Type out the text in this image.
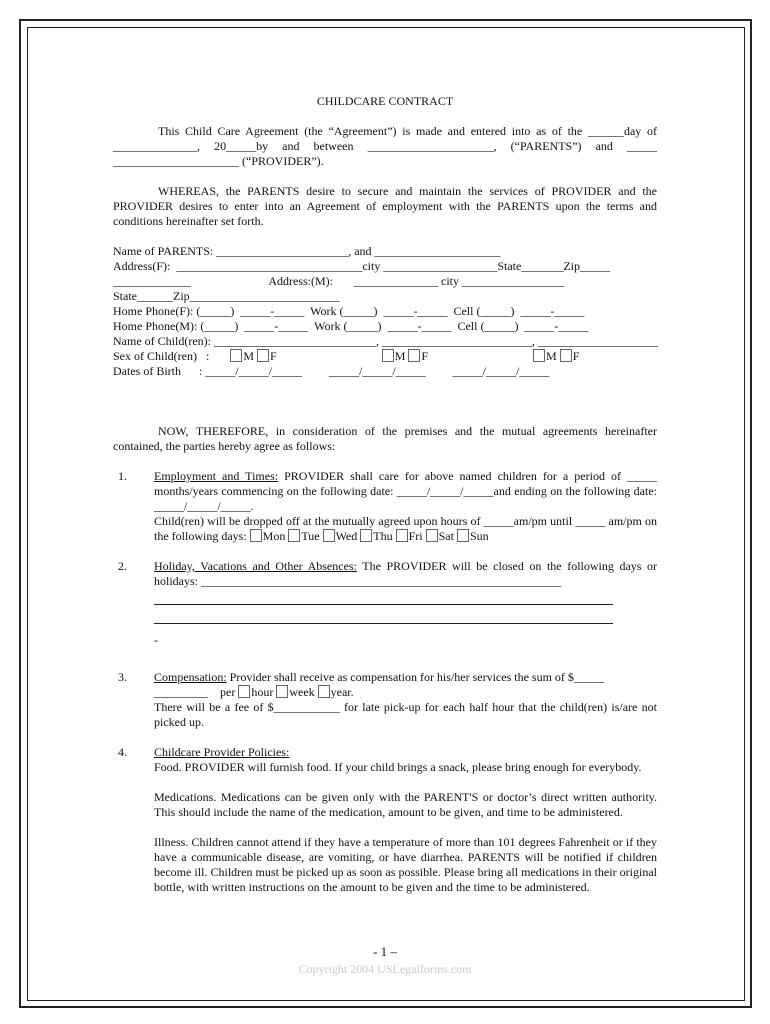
CHILDCARE CONTRACT
This Child Care Agreement (the “Agreement”) is made and entered into as of the ______day of ______________, 20_____by and between _____________________, (“PARENTS”) and _____ _____________________ (“PROVIDER”).
WHEREAS, the PARENTS desire to secure and maintain the services of PROVIDER and the PROVIDER desires to enter into an Agreement of employment with the PARENTS upon the terms and conditions hereinafter set forth.
Name of PARENTS: ______________________, and _____________________
Address(F):  _______________________________city ___________________State_______Zip_____
_____________                          Address:(M):       ______________ city _________________
State______Zip_________________________
Home Phone(F): (_____)  _____-_____  Work (_____)  _____-_____  Cell (_____)  _____-_____
Home Phone(M): (_____)  _____-_____  Work (_____)  _____-_____  Cell (_____)  _____-_____
Name of Child(ren): ___________________________, _________________________, ____________________
Sex of Child(ren)   :	M F	M F	M F
Dates of Birth      : _____/_____/_____ _____/_____/_____ _____/_____/_____
NOW, THEREFORE, in consideration of the premises and the mutual agreements hereinafter contained, the parties hereby agree as follows:
1. Employment and Times: PROVIDER shall care for above named children for a period of _____ months/years commencing on the following date: _____/_____/_____and ending on the following date: _____/_____/_____.
Child(ren) will be dropped off at the mutually agreed upon hours of _____am/pm until _____ am/pm on the following days: Mon Tue Wed Thu Fri Sat Sun
2. Holiday, Vacations and Other Absences: The PROVIDER will be closed on the following days or holidays: ____________________________________________________________
-
3. Compensation: Provider shall receive as compensation for his/her services the sum of $_____
_________    per hour week year.
There will be a fee of $___________ for late pick-up for each half hour that the child(ren) is/are not picked up.
4. Childcare Provider Policies:
Food. PROVIDER will furnish food. If your child brings a snack, please bring enough for everybody.
Medications. Medications can be given only with the PARENT'S or doctor’s direct written authority. This should include the name of the medication, amount to be given, and time to be administered.
Illness. Children cannot attend if they have a temperature of more than 101 degrees Fahrenheit or if they have a communicable disease, are vomiting, or have diarrhea. PARENTS will be notified if children become ill. Children must be picked up as soon as possible. Please bring all medications in their original bottle, with written instructions on the amount to be given and the time to be administered.
- 1 –
Copyright 2004 USLegalforms.com
